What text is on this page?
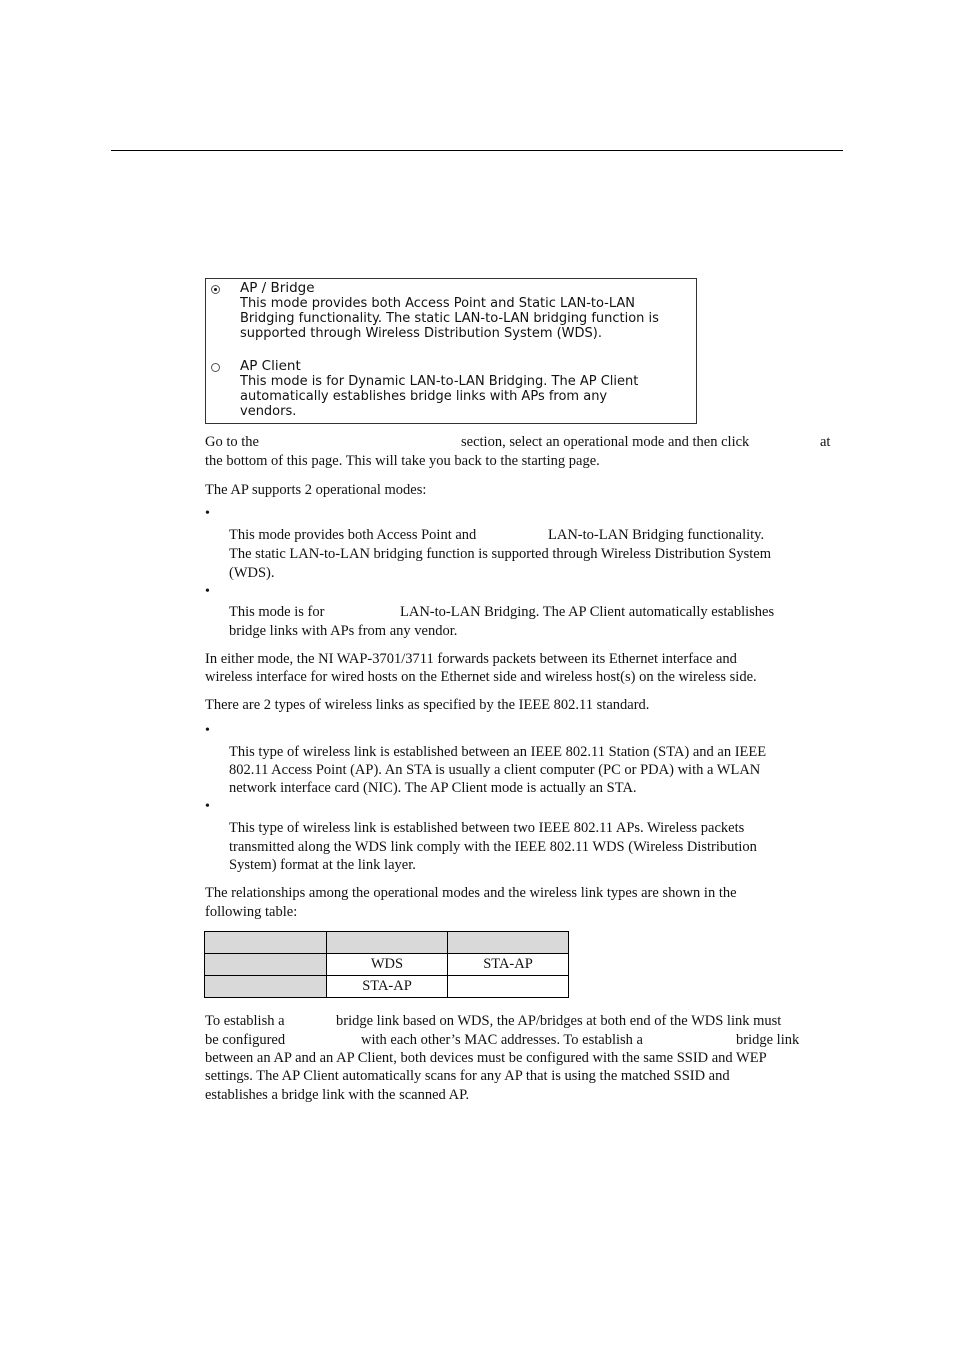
AP / Bridge
This mode provides both Access Point and Static LAN-to-LAN
Bridging functionality. The static LAN-to-LAN bridging function is
supported through Wireless Distribution System (WDS).
AP Client
This mode is for Dynamic LAN-to-LAN Bridging. The AP Client
automatically establishes bridge links with APs from any
vendors.
Go to the	section, select an operational mode and then click	at
the bottom of this page. This will take you back to the starting page.
The AP supports 2 operational modes:
•
This mode provides both Access Point and	LAN-to-LAN Bridging functionality.
The static LAN-to-LAN bridging function is supported through Wireless Distribution System
(WDS).
•
This mode is for	LAN-to-LAN Bridging. The AP Client automatically establishes
bridge links with APs from any vendor.
In either mode, the NI WAP-3701/3711 forwards packets between its Ethernet interface and
wireless interface for wired hosts on the Ethernet side and wireless host(s) on the wireless side.
There are 2 types of wireless links as specified by the IEEE 802.11 standard.
•
This type of wireless link is established between an IEEE 802.11 Station (STA) and an IEEE
802.11 Access Point (AP). An STA is usually a client computer (PC or PDA) with a WLAN
network interface card (NIC). The AP Client mode is actually an STA.
•
This type of wireless link is established between two IEEE 802.11 APs. Wireless packets
transmitted along the WDS link comply with the IEEE 802.11 WDS (Wireless Distribution
System) format at the link layer.
The relationships among the operational modes and the wireless link types are shown in the
following table:

	WDS	STA-AP
	STA-AP	
To establish a	bridge link based on WDS, the AP/bridges at both end of the WDS link must
be configured	with each other’s MAC addresses. To establish a	bridge link
between an AP and an AP Client, both devices must be configured with the same SSID and WEP
settings. The AP Client automatically scans for any AP that is using the matched SSID and
establishes a bridge link with the scanned AP.
